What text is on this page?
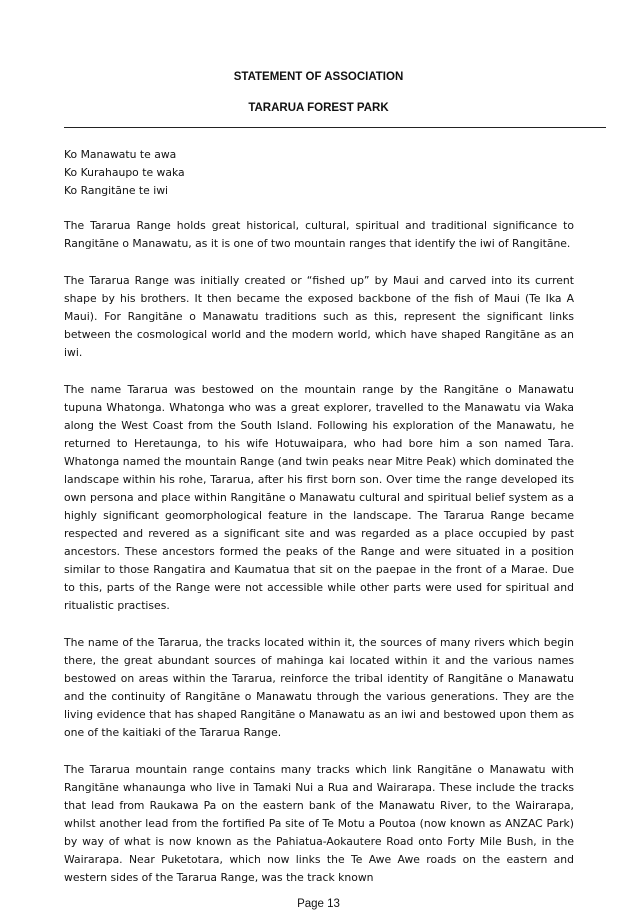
STATEMENT OF ASSOCIATION
TARARUA FOREST PARK
Ko Manawatu te awa
Ko Kurahaupo te waka
Ko Rangitāne te iwi

The Tararua Range holds great historical, cultural, spiritual and traditional significance to Rangitāne o Manawatu, as it is one of two mountain ranges that identify the iwi of Rangitāne.

The Tararua Range was initially created or “fished up” by Maui and carved into its current shape by his brothers. It then became the exposed backbone of the fish of Maui (Te Ika A Maui). For Rangitāne o Manawatu traditions such as this, represent the significant links between the cosmological world and the modern world, which have shaped Rangitāne as an iwi.

The name Tararua was bestowed on the mountain range by the Rangitāne o Manawatu tupuna Whatonga. Whatonga who was a great explorer, travelled to the Manawatu via Waka along the West Coast from the South Island. Following his exploration of the Manawatu, he returned to Heretaunga, to his wife Hotuwaipara, who had bore him a son named Tara. Whatonga named the mountain Range (and twin peaks near Mitre Peak) which dominated the landscape within his rohe, Tararua, after his first born son. Over time the range developed its own persona and place within Rangitāne o Manawatu cultural and spiritual belief system as a highly significant geomorphological feature in the landscape. The Tararua Range became respected and revered as a significant site and was regarded as a place occupied by past ancestors. These ancestors formed the peaks of the Range and were situated in a position similar to those Rangatira and Kaumatua that sit on the paepae in the front of a Marae. Due to this, parts of the Range were not accessible while other parts were used for spiritual and ritualistic practises.

The name of the Tararua, the tracks located within it, the sources of many rivers which begin there, the great abundant sources of mahinga kai located within it and the various names bestowed on areas within the Tararua, reinforce the tribal identity of Rangitāne o Manawatu and the continuity of Rangitāne o Manawatu through the various generations. They are the living evidence that has shaped Rangitāne o Manawatu as an iwi and bestowed upon them as one of the kaitiaki of the Tararua Range.

The Tararua mountain range contains many tracks which link Rangitāne o Manawatu with Rangitāne whanaunga who live in Tamaki Nui a Rua and Wairarapa. These include the tracks that lead from Raukawa Pa on the eastern bank of the Manawatu River, to the Wairarapa, whilst another lead from the fortified Pa site of Te Motu a Poutoa (now known as ANZAC Park) by way of what is now known as the Pahiatua-Aokautere Road onto Forty Mile Bush, in the Wairarapa. Near Puketotara, which now links the Te Awe Awe roads on the eastern and western sides of the Tararua Range, was the track known

Page 13
